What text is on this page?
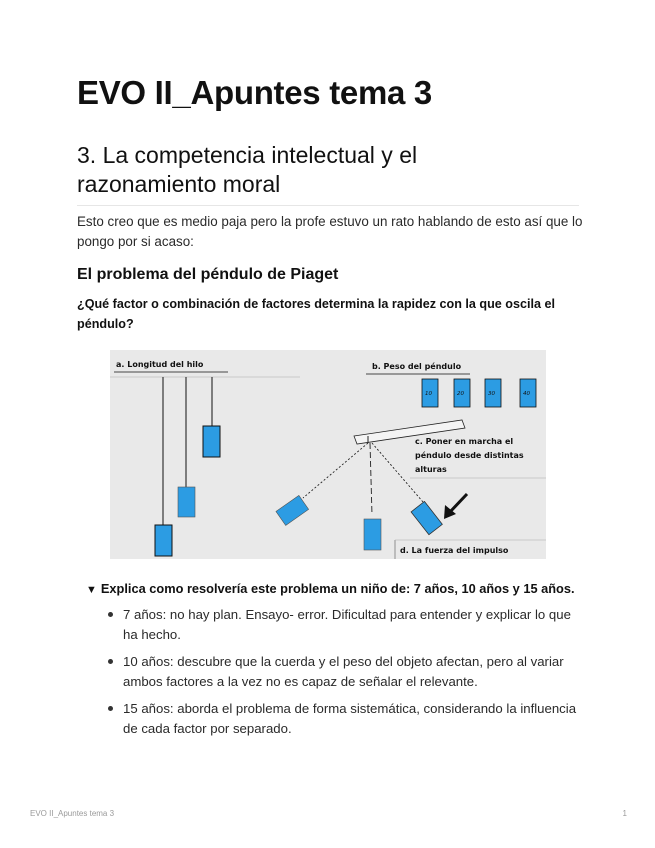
EVO II_Apuntes tema 3
3. La competencia intelectual y el razonamiento moral

Esto creo que es medio paja pero la profe estuvo un rato hablando de esto así que lo pongo por si acaso:

El problema del péndulo de Piaget

¿Qué factor o combinación de factores determina la rapidez con la que oscila el péndulo?

a. Longitud del hilo	b. Peso del péndulo
10	20	30	40
c. Poner en marcha el
péndulo desde distintas
alturas
d. La fuerza del impulso
▼ Explica como resolvería este problema un niño de: 7 años, 10 años y 15 años.
7 años: no hay plan. Ensayo- error. Dificultad para entender y explicar lo que ha hecho.
10 años: descubre que la cuerda y el peso del objeto afectan, pero al variar ambos factores a la vez no es capaz de señalar el relevante.
15 años: aborda el problema de forma sistemática, considerando la influencia de cada factor por separado.
EVO II_Apuntes tema 3	1
